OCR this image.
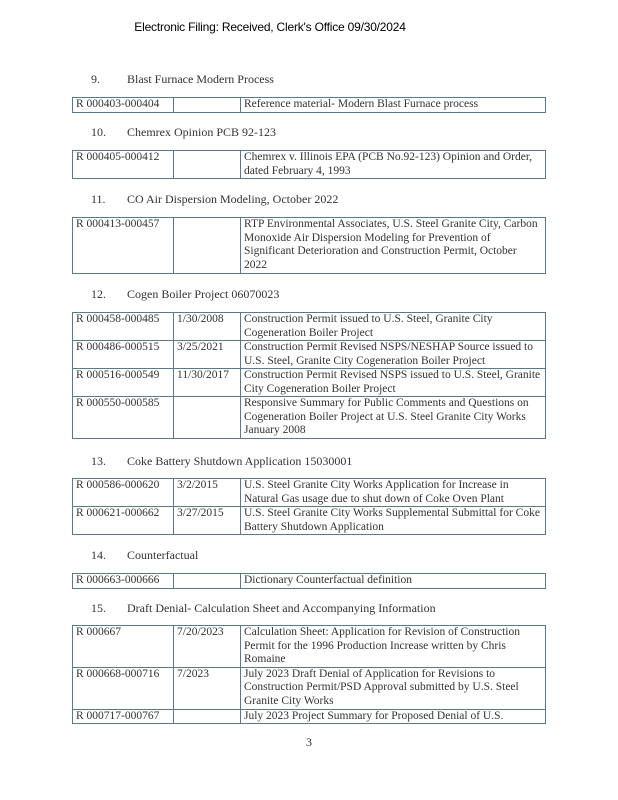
Electronic Filing: Received, Clerk's Office 09/30/2024
9. Blast Furnace Modern Process
R 000403-000404		Reference material- Modern Blast Furnace process
10. Chemrex Opinion PCB 92-123
R 000405-000412		Chemrex v. Illinois EPA (PCB No.92-123) Opinion and Order, dated February 4, 1993
11. CO Air Dispersion Modeling, October 2022
R 000413-000457		RTP Environmental Associates, U.S. Steel Granite City, Carbon Monoxide Air Dispersion Modeling for Prevention of Significant Deterioration and Construction Permit, October 2022
12. Cogen Boiler Project 06070023
R 000458-000485	1/30/2008	Construction Permit issued to U.S. Steel, Granite City Cogeneration Boiler Project
R 000486-000515	3/25/2021	Construction Permit Revised NSPS/NESHAP Source issued to U.S. Steel, Granite City Cogeneration Boiler Project
R 000516-000549	11/30/2017	Construction Permit Revised NSPS issued to U.S. Steel, Granite City Cogeneration Boiler Project
R 000550-000585		Responsive Summary for Public Comments and Questions on Cogeneration Boiler Project at U.S. Steel Granite City Works January 2008
13. Coke Battery Shutdown Application 15030001
R 000586-000620	3/2/2015	U.S. Steel Granite City Works Application for Increase in Natural Gas usage due to shut down of Coke Oven Plant
R 000621-000662	3/27/2015	U.S. Steel Granite City Works Supplemental Submittal for Coke Battery Shutdown Application
14. Counterfactual
R 000663-000666		Dictionary Counterfactual definition
15. Draft Denial- Calculation Sheet and Accompanying Information
R 000667	7/20/2023	Calculation Sheet: Application for Revision of Construction Permit for the 1996 Production Increase written by Chris Romaine
R 000668-000716	7/2023	July 2023 Draft Denial of Application for Revisions to Construction Permit/PSD Approval submitted by U.S. Steel Granite City Works
R 000717-000767		July 2023 Project Summary for Proposed Denial of U.S.
3
